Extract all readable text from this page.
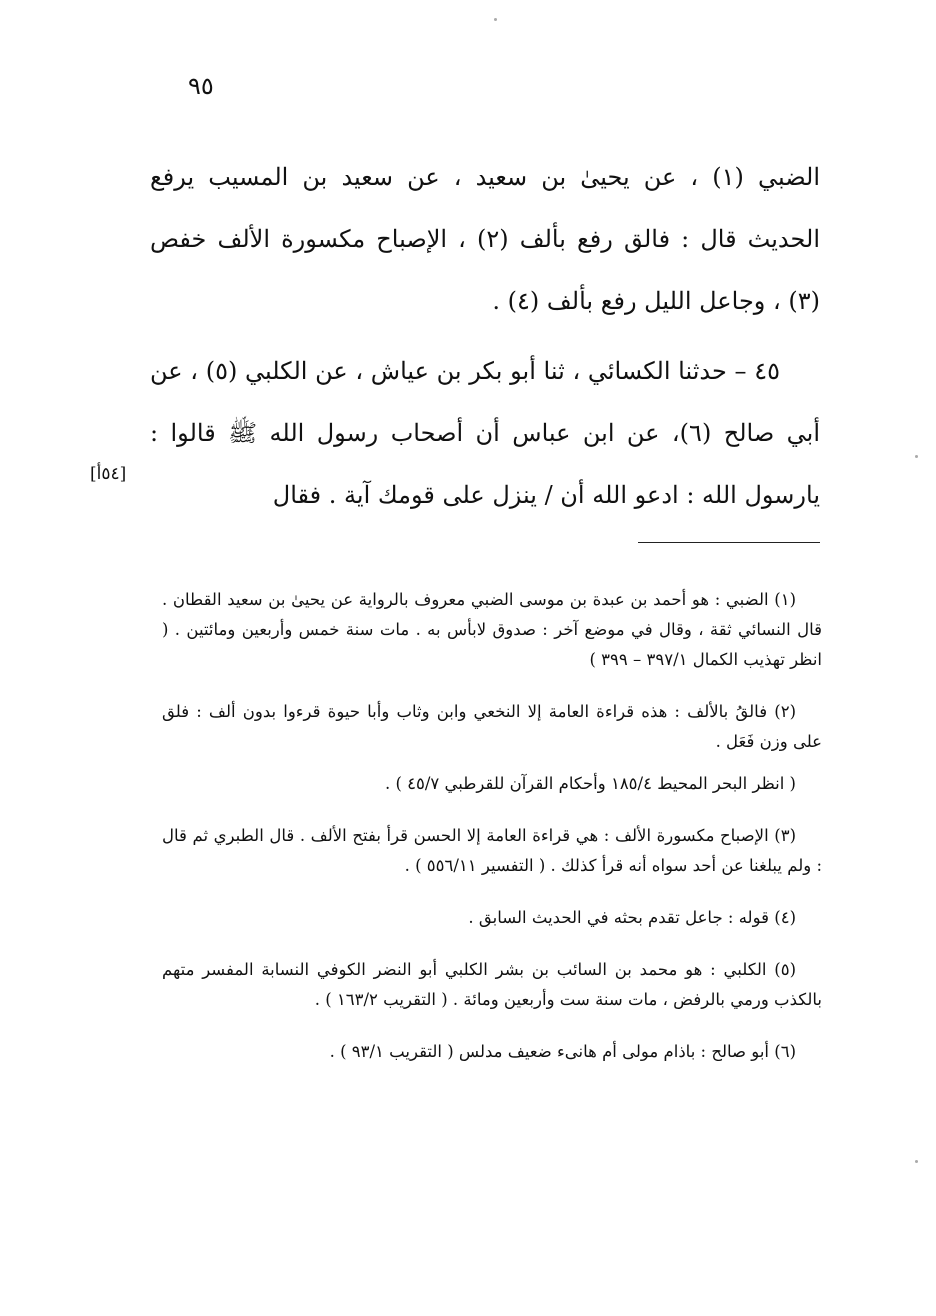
٩٥

الضبي (١) ، عن يحيىٰ بن سعيد ، عن سعيد بن المسيب يرفع الحديث قال : فالق رفع بألف (٢) ، الإصباح مكسورة الألف خفص (٣) ، وجاعل الليل رفع بألف (٤) .

٤٥ – حدثنا الكسائي ، ثنا أبو بكر بن عياش ، عن الكلبي (٥) ، عن أبي صالح (٦)، عن ابن عباس أن أصحاب رسول الله ﷺ قالوا : يارسول الله : ادعو الله أن / ينزل على قومك آية . فقال

[٥٤أ]

(١) الضبي : هو أحمد بن عبدة بن موسى الضبي معروف بالرواية عن يحيىٰ بن سعيد القطان . قال النسائي ثقة ، وقال في موضع آخر : صدوق لابأس به . مات سنة خمس وأربعين ومائتين . ( انظر تهذيب الكمال ٣٩٧/١ – ٣٩٩ )

(٢) فالقُ بالألف : هذه قراءة العامة إلا النخعي وابن وثاب وأبا حيوة قرءوا بدون ألف : فلق على وزن فَعَل .

( انظر البحر المحيط ١٨٥/٤ وأحكام القرآن للقرطبي ٤٥/٧ ) .

(٣) الإصباح مكسورة الألف : هي قراءة العامة إلا الحسن قرأ بفتح الألف . قال الطبري ثم قال : ولم يبلغنا عن أحد سواه أنه قرأ كذلك . ( التفسير ٥٥٦/١١ ) .

(٤) قوله : جاعل تقدم بحثه في الحديث السابق .

(٥) الكلبي : هو محمد بن السائب بن بشر الكلبي أبو النضر الكوفي النسابة المفسر متهم بالكذب ورمي بالرفض ، مات سنة ست وأربعين ومائة . ( التقريب ١٦٣/٢ ) .

(٦) أبو صالح : باذام مولى أم هانىء ضعيف مدلس ( التقريب ٩٣/١ ) .
